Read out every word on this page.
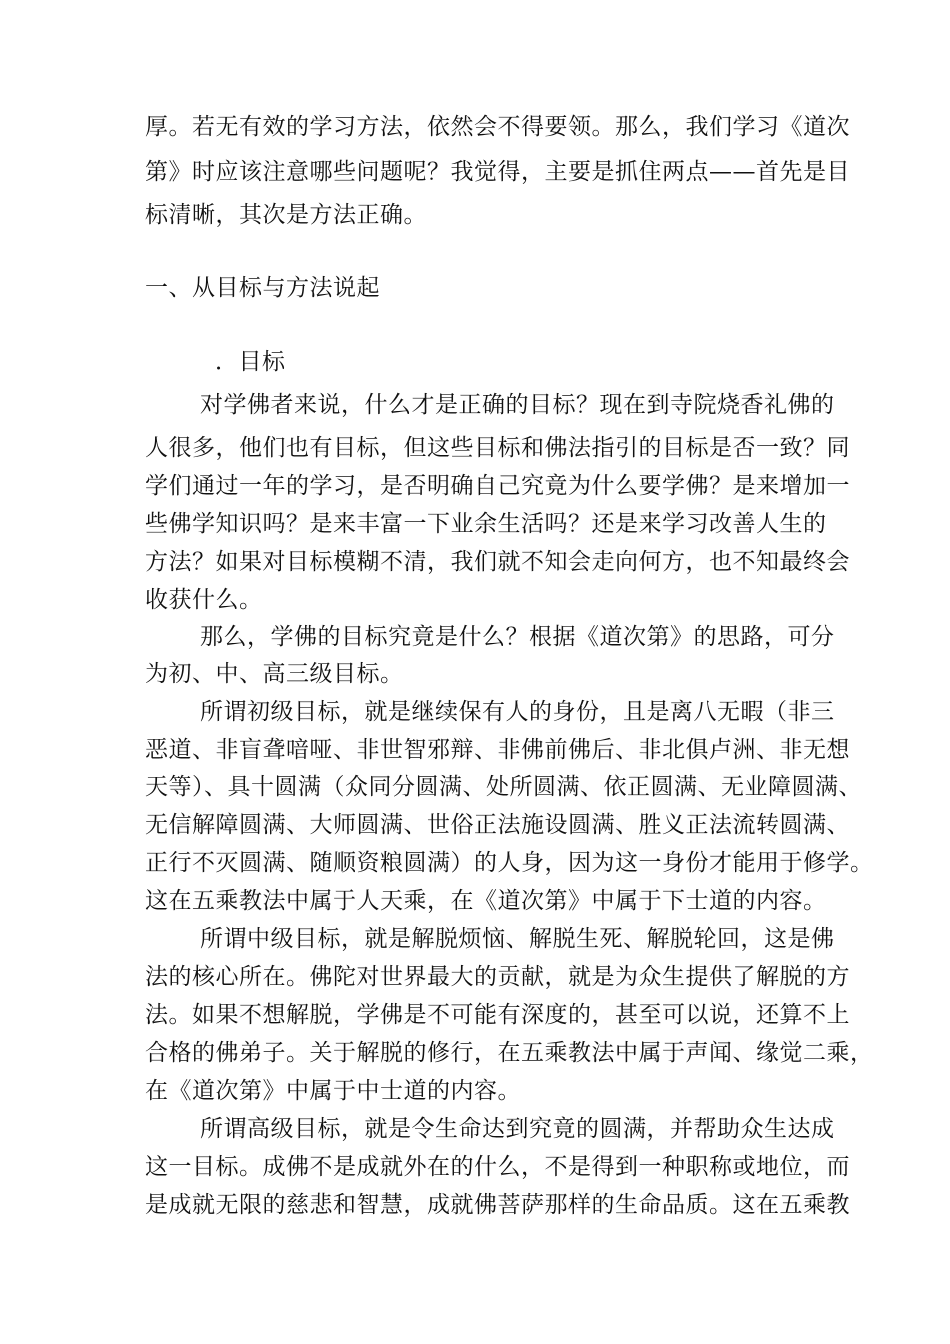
厚。若无有效的学习方法，依然会不得要领。那么，我们学习《道次
第》时应该注意哪些问题呢？我觉得，主要是抓住两点——首先是目
标清晰，其次是方法正确。
一、从目标与方法说起
．目标
对学佛者来说，什么才是正确的目标？现在到寺院烧香礼佛的
人很多，他们也有目标，但这些目标和佛法指引的目标是否一致？同
学们通过一年的学习，是否明确自己究竟为什么要学佛？是来增加一
些佛学知识吗？是来丰富一下业余生活吗？还是来学习改善人生的
方法？如果对目标模糊不清，我们就不知会走向何方，也不知最终会
收获什么。
那么，学佛的目标究竟是什么？根据《道次第》的思路，可分
为初、中、高三级目标。
所谓初级目标，就是继续保有人的身份，且是离八无暇（非三
恶道、非盲聋喑哑、非世智邪辩、非佛前佛后、非北俱卢洲、非无想
天等）、具十圆满（众同分圆满、处所圆满、依正圆满、无业障圆满、
无信解障圆满、大师圆满、世俗正法施设圆满、胜义正法流转圆满、
正行不灭圆满、随顺资粮圆满）的人身，因为这一身份才能用于修学。
这在五乘教法中属于人天乘，在《道次第》中属于下士道的内容。
所谓中级目标，就是解脱烦恼、解脱生死、解脱轮回，这是佛
法的核心所在。佛陀对世界最大的贡献，就是为众生提供了解脱的方
法。如果不想解脱，学佛是不可能有深度的，甚至可以说，还算不上
合格的佛弟子。关于解脱的修行，在五乘教法中属于声闻、缘觉二乘，
在《道次第》中属于中士道的内容。
所谓高级目标，就是令生命达到究竟的圆满，并帮助众生达成
这一目标。成佛不是成就外在的什么，不是得到一种职称或地位，而
是成就无限的慈悲和智慧，成就佛菩萨那样的生命品质。这在五乘教
